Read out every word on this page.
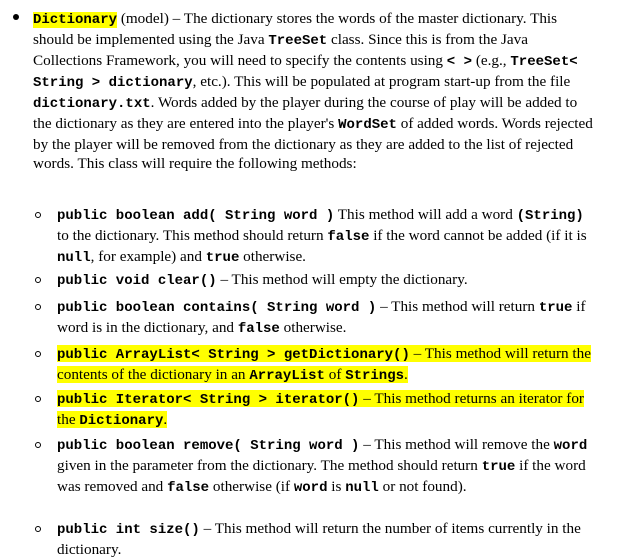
Dictionary (model) – The dictionary stores the words of the master dictionary. This should be implemented using the Java TreeSet class. Since this is from the Java Collections Framework, you will need to specify the contents using < > (e.g., TreeSet< String > dictionary, etc.). This will be populated at program start-up from the file dictionary.txt. Words added by the player during the course of play will be added to the dictionary as they are entered into the player's WordSet of added words. Words rejected by the player will be removed from the dictionary as they are added to the list of rejected words. This class will require the following methods:

public boolean add( String word ) This method will add a word (String) to the dictionary. This method should return false if the word cannot be added (if it is null, for example) and true otherwise.
public void clear() – This method will empty the dictionary.
public boolean contains( String word ) – This method will return true if word is in the dictionary, and false otherwise.
public ArrayList< String > getDictionary() – This method will return the contents of the dictionary in an ArrayList of Strings.
public Iterator< String > iterator() – This method returns an iterator for the Dictionary.
public boolean remove( String word ) – This method will remove the word given in the parameter from the dictionary. The method should return true if the word was removed and false otherwise (if word is null or not found).
public int size() – This method will return the number of items currently in the dictionary.
